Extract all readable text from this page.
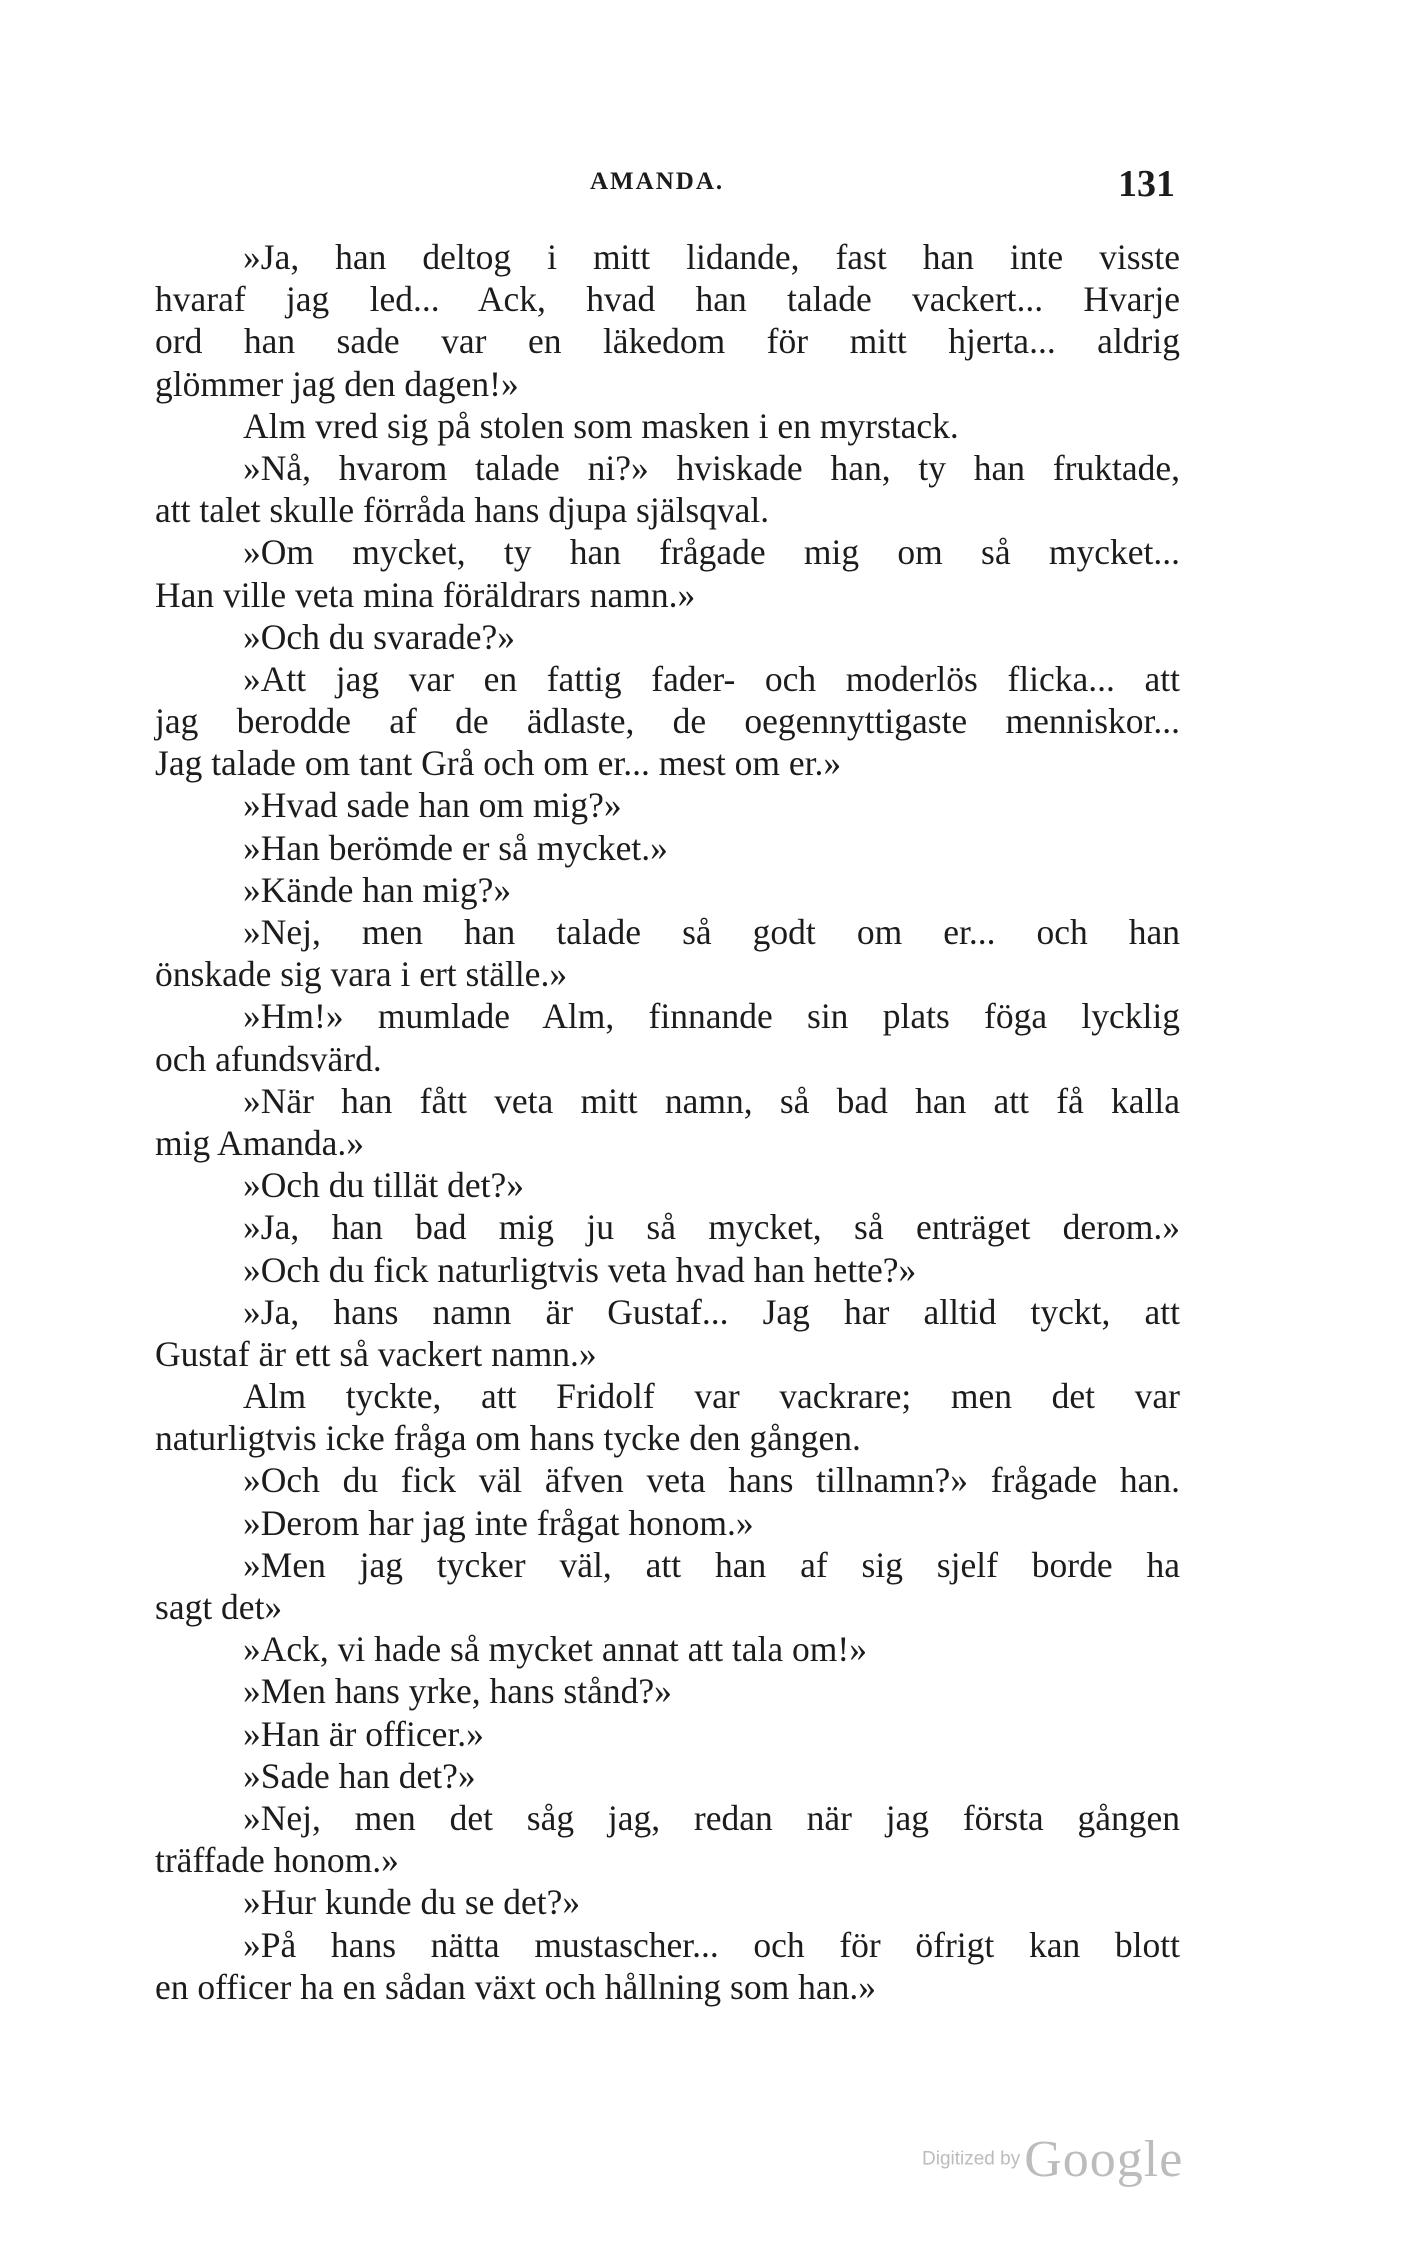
AMANDA.	131
»Ja, han deltog i mitt lidande, fast han inte visste
hvaraf jag led... Ack, hvad han talade vackert... Hvarje
ord han sade var en läkedom för mitt hjerta... aldrig
glömmer jag den dagen!»
Alm vred sig på stolen som masken i en myrstack.
»Nå, hvarom talade ni?» hviskade han, ty han fruktade,
att talet skulle förråda hans djupa själsqval.
»Om mycket, ty han frågade mig om så mycket...
Han ville veta mina föräldrars namn.»
»Och du svarade?»
»Att jag var en fattig fader- och moderlös flicka... att
jag berodde af de ädlaste, de oegennyttigaste menniskor...
Jag talade om tant Grå och om er... mest om er.»
»Hvad sade han om mig?»
»Han berömde er så mycket.»
»Kände han mig?»
»Nej, men han talade så godt om er... och han
önskade sig vara i ert ställe.»
»Hm!» mumlade Alm, finnande sin plats föga lycklig
och afundsvärd.
»När han fått veta mitt namn, så bad han att få kalla
mig Amanda.»
»Och du tillät det?»
»Ja, han bad mig ju så mycket, så enträget derom.»
»Och du fick naturligtvis veta hvad han hette?»
»Ja, hans namn är Gustaf... Jag har alltid tyckt, att
Gustaf är ett så vackert namn.»
Alm tyckte, att Fridolf var vackrare; men det var
naturligtvis icke fråga om hans tycke den gången.
»Och du fick väl äfven veta hans tillnamn?» frågade han.
»Derom har jag inte frågat honom.»
»Men jag tycker väl, att han af sig sjelf borde ha
sagt det»
»Ack, vi hade så mycket annat att tala om!»
»Men hans yrke, hans stånd?»
»Han är officer.»
»Sade han det?»
»Nej, men det såg jag, redan när jag första gången
träffade honom.»
»Hur kunde du se det?»
»På hans nätta mustascher... och för öfrigt kan blott
en officer ha en sådan växt och hållning som han.»
Digitized by Google
